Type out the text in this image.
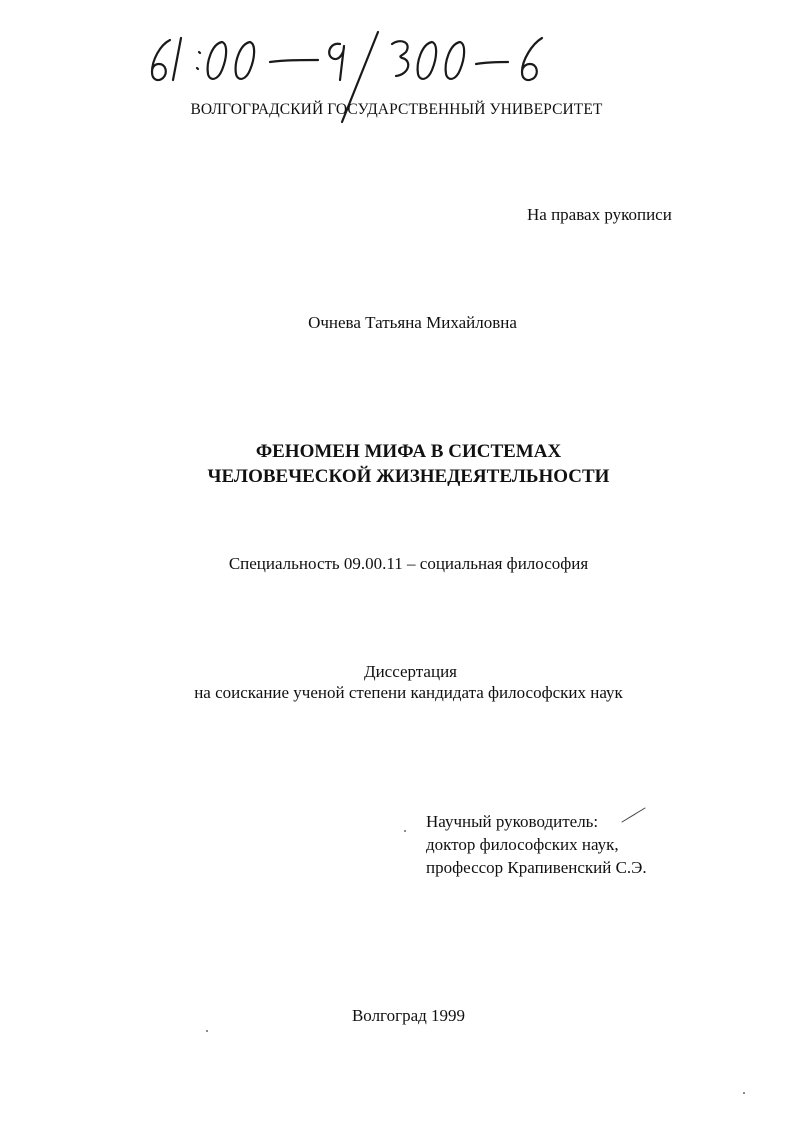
ВОЛГОГРАДСКИЙ ГОСУДАРСТВЕННЫЙ УНИВЕРСИТЕТ
На правах рукописи
Очнева Татьяна Михайловна
ФЕНОМЕН МИФА В СИСТЕМАХ
ЧЕЛОВЕЧЕСКОЙ ЖИЗНЕДЕЯТЕЛЬНОСТИ
Специальность 09.00.11 – социальная философия
Диссертация
на соискание ученой степени кандидата философских наук
Научный руководитель:
доктор философских наук,
профессор Крапивенский С.Э.
Волгоград 1999
